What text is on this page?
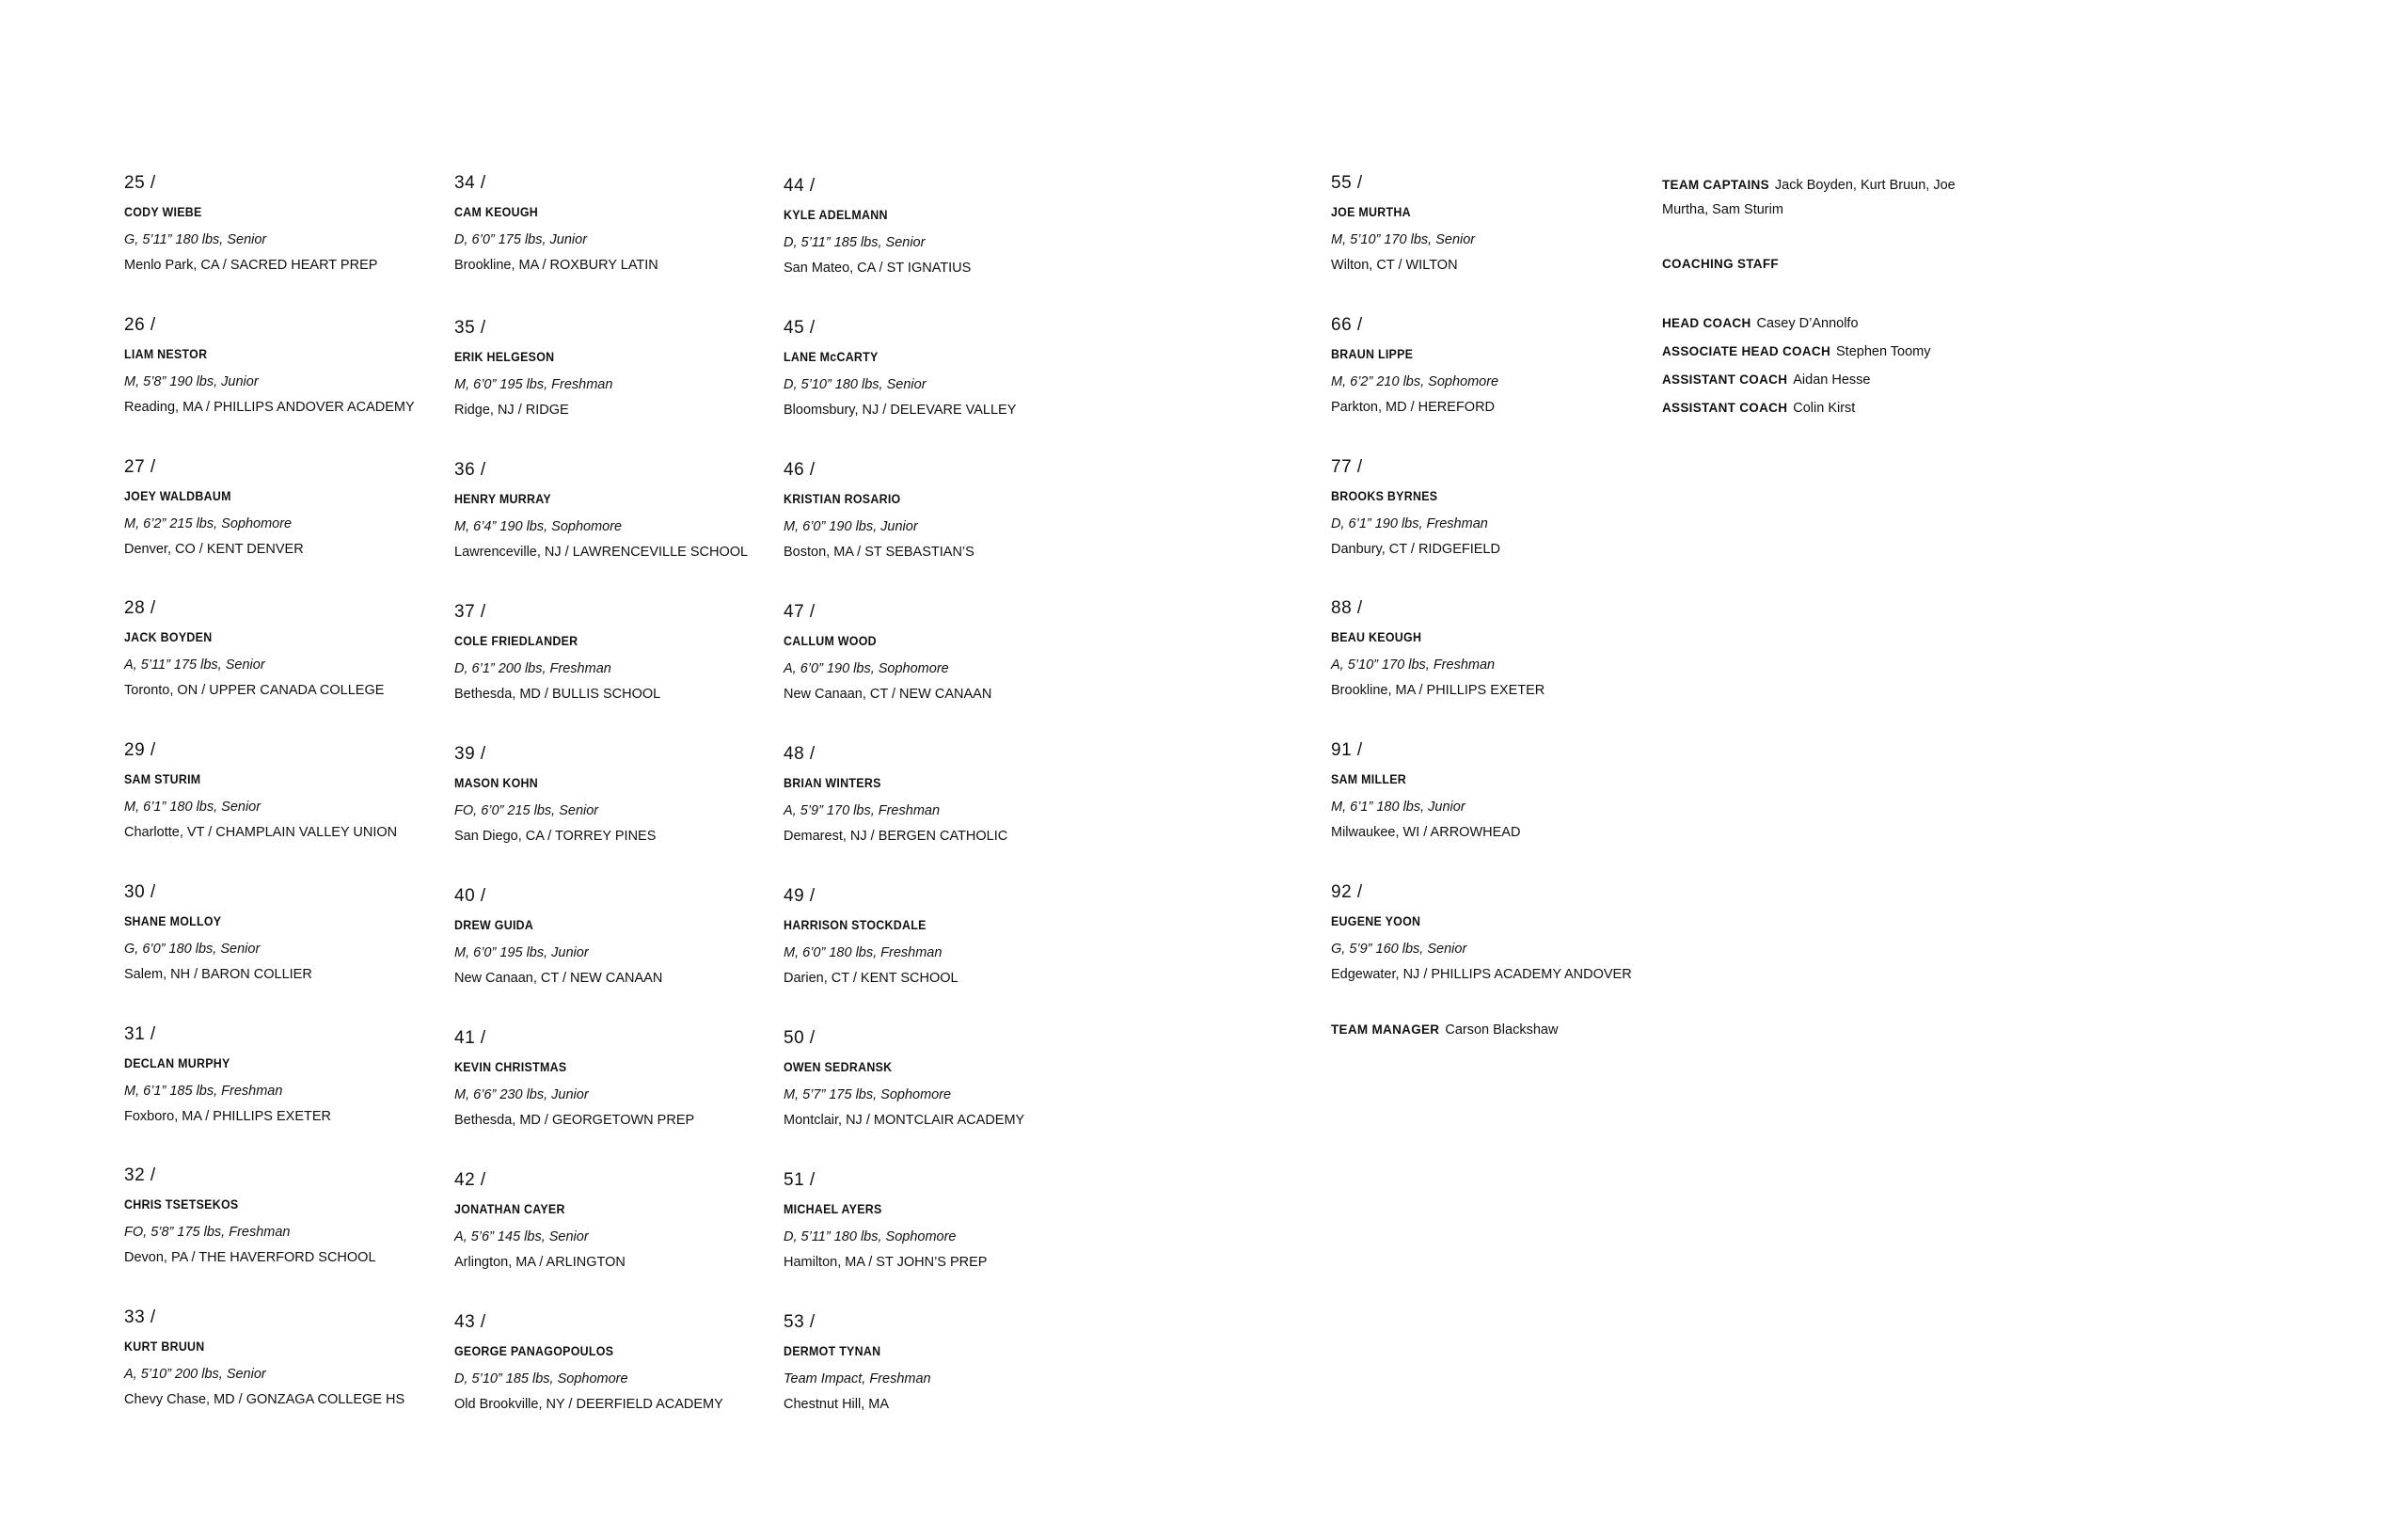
25 /
CODY WIEBE
G, 5’11” 180 lbs, Senior
Menlo Park, CA / SACRED HEART PREP
26 /
LIAM NESTOR
M, 5’8” 190 lbs, Junior
Reading, MA / PHILLIPS ANDOVER ACADEMY
27 /
JOEY WALDBAUM
M, 6’2” 215 lbs, Sophomore
Denver, CO / KENT DENVER
28 /
JACK BOYDEN
A, 5’11” 175 lbs, Senior
Toronto, ON / UPPER CANADA COLLEGE
29 /
SAM STURIM
M, 6’1” 180 lbs, Senior
Charlotte, VT / CHAMPLAIN VALLEY UNION
30 /
SHANE MOLLOY
G, 6’0” 180 lbs, Senior
Salem, NH / BARON COLLIER
31 /
DECLAN MURPHY
M, 6’1” 185 lbs, Freshman
Foxboro, MA / PHILLIPS EXETER
32 /
CHRIS TSETSEKOS
FO, 5’8” 175 lbs, Freshman
Devon, PA / THE HAVERFORD SCHOOL
33 /
KURT BRUUN
A, 5’10” 200 lbs, Senior
Chevy Chase, MD / GONZAGA COLLEGE HS
34 /
CAM KEOUGH
D, 6’0” 175 lbs, Junior
Brookline, MA / ROXBURY LATIN
35 /
ERIK HELGESON
M, 6’0” 195 lbs, Freshman
Ridge, NJ / RIDGE
36 /
HENRY MURRAY
M, 6’4” 190 lbs, Sophomore
Lawrenceville, NJ / LAWRENCEVILLE SCHOOL
37 /
COLE FRIEDLANDER
D, 6’1” 200 lbs, Freshman
Bethesda, MD / BULLIS SCHOOL
39 /
MASON KOHN
FO, 6’0” 215 lbs, Senior
San Diego, CA / TORREY PINES
40 /
DREW GUIDA
M, 6’0” 195 lbs, Junior
New Canaan, CT / NEW CANAAN
41 /
KEVIN CHRISTMAS
M, 6’6” 230 lbs, Junior
Bethesda, MD / GEORGETOWN PREP
42 /
JONATHAN CAYER
A, 5’6” 145 lbs, Senior
Arlington, MA / ARLINGTON
43 /
GEORGE PANAGOPOULOS
D, 5’10” 185 lbs, Sophomore
Old Brookville, NY / DEERFIELD ACADEMY
44 /
KYLE ADELMANN
D, 5’11” 185 lbs, Senior
San Mateo, CA / ST IGNATIUS
45 /
LANE McCARTY
D, 5’10” 180 lbs, Senior
Bloomsbury, NJ / DELEVARE VALLEY
46 /
KRISTIAN ROSARIO
M, 6’0” 190 lbs, Junior
Boston, MA / ST SEBASTIAN’S
47 /
CALLUM WOOD
A, 6’0” 190 lbs, Sophomore
New Canaan, CT / NEW CANAAN
48 /
BRIAN WINTERS
A, 5’9” 170 lbs, Freshman
Demarest, NJ / BERGEN CATHOLIC
49 /
HARRISON STOCKDALE
M, 6’0” 180 lbs, Freshman
Darien, CT / KENT SCHOOL
50 /
OWEN SEDRANSK
M, 5’7” 175 lbs, Sophomore
Montclair, NJ / MONTCLAIR ACADEMY
51 /
MICHAEL AYERS
D, 5’11” 180 lbs, Sophomore
Hamilton, MA / ST JOHN’S PREP
53 /
DERMOT TYNAN
Team Impact, Freshman
Chestnut Hill, MA
55 /
JOE MURTHA
M, 5’10” 170 lbs, Senior
Wilton, CT / WILTON
66 /
BRAUN LIPPE
M, 6’2” 210 lbs, Sophomore
Parkton, MD / HEREFORD
77 /
BROOKS BYRNES
D, 6’1” 190 lbs, Freshman
Danbury, CT / RIDGEFIELD
88 /
BEAU KEOUGH
A, 5’10” 170 lbs, Freshman
Brookline, MA / PHILLIPS EXETER
91 /
SAM MILLER
M, 6’1” 180 lbs, Junior
Milwaukee, WI / ARROWHEAD
92 /
EUGENE YOON
G, 5’9” 160 lbs, Senior
Edgewater, NJ / PHILLIPS ACADEMY ANDOVER
TEAM MANAGER Carson Blackshaw
TEAM CAPTAINS Jack Boyden, Kurt Bruun, Joe Murtha, Sam Sturim
COACHING STAFF
HEAD COACH Casey D’Annolfo
ASSOCIATE HEAD COACH Stephen Toomy
ASSISTANT COACH Aidan Hesse
ASSISTANT COACH Colin Kirst
